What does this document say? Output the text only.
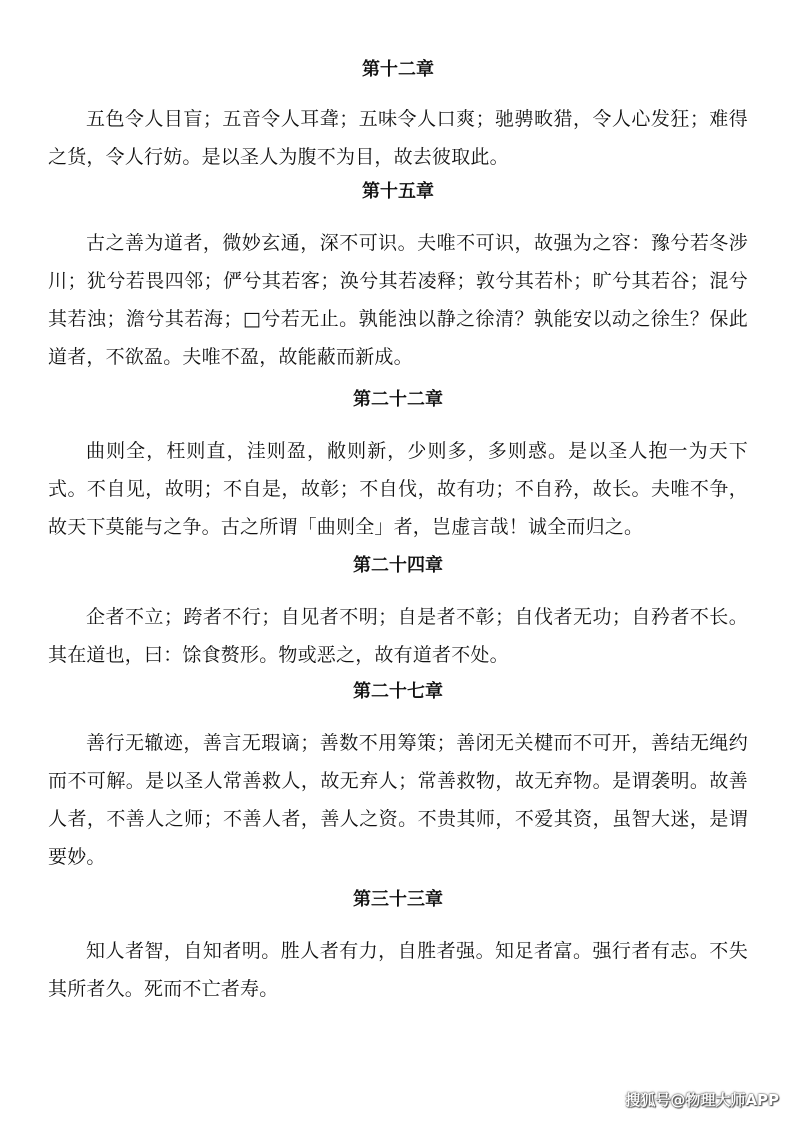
第十二章

五色令人目盲；五音令人耳聋；五味令人口爽；驰骋畋猎，令人心发狂；难得之货，令人行妨。是以圣人为腹不为目，故去彼取此。

第十五章

古之善为道者，微妙玄通，深不可识。夫唯不可识，故强为之容：豫兮若冬涉川；犹兮若畏四邻；俨兮其若客；涣兮其若凌释；敦兮其若朴；旷兮其若谷；混兮其若浊；澹兮其若海；□兮若无止。孰能浊以静之徐清？孰能安以动之徐生？保此道者，不欲盈。夫唯不盈，故能蔽而新成。

第二十二章

曲则全，枉则直，洼则盈，敝则新，少则多，多则惑。是以圣人抱一为天下式。不自见，故明；不自是，故彰；不自伐，故有功；不自矜，故长。夫唯不争，故天下莫能与之争。古之所谓「曲则全」者，岂虚言哉！诚全而归之。

第二十四章

企者不立；跨者不行；自见者不明；自是者不彰；自伐者无功；自矜者不长。其在道也，曰：馀食赘形。物或恶之，故有道者不处。

第二十七章

善行无辙迹，善言无瑕谪；善数不用筹策；善闭无关楗而不可开，善结无绳约而不可解。是以圣人常善救人，故无弃人；常善救物，故无弃物。是谓袭明。故善人者，不善人之师；不善人者，善人之资。不贵其师，不爱其资，虽智大迷，是谓要妙。

第三十三章

知人者智，自知者明。胜人者有力，自胜者强。知足者富。强行者有志。不失其所者久。死而不亡者寿。

搜狐号@物理大师APP
